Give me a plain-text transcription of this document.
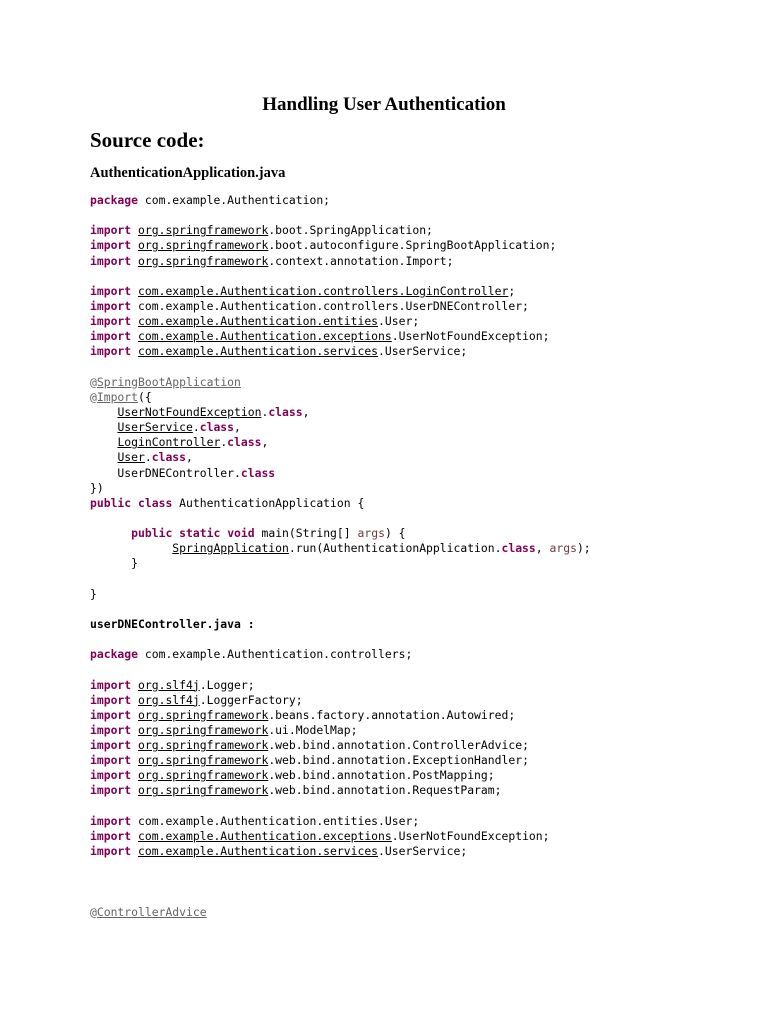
Handling User Authentication
Source code:
AuthenticationApplication.java
package com.example.Authentication;

import org.springframework.boot.SpringApplication;
import org.springframework.boot.autoconfigure.SpringBootApplication;
import org.springframework.context.annotation.Import;

import com.example.Authentication.controllers.LoginController;
import com.example.Authentication.controllers.UserDNEController;
import com.example.Authentication.entities.User;
import com.example.Authentication.exceptions.UserNotFoundException;
import com.example.Authentication.services.UserService;

@SpringBootApplication
@Import({
UserNotFoundException.class,
UserService.class,
LoginController.class,
User.class,
UserDNEController.class
})
public class AuthenticationApplication {

public static void main(String[] args) {
SpringApplication.run(AuthenticationApplication.class, args);
}

}

userDNEController.java :

package com.example.Authentication.controllers;

import org.slf4j.Logger;
import org.slf4j.LoggerFactory;
import org.springframework.beans.factory.annotation.Autowired;
import org.springframework.ui.ModelMap;
import org.springframework.web.bind.annotation.ControllerAdvice;
import org.springframework.web.bind.annotation.ExceptionHandler;
import org.springframework.web.bind.annotation.PostMapping;
import org.springframework.web.bind.annotation.RequestParam;

import com.example.Authentication.entities.User;
import com.example.Authentication.exceptions.UserNotFoundException;
import com.example.Authentication.services.UserService;

@ControllerAdvice
